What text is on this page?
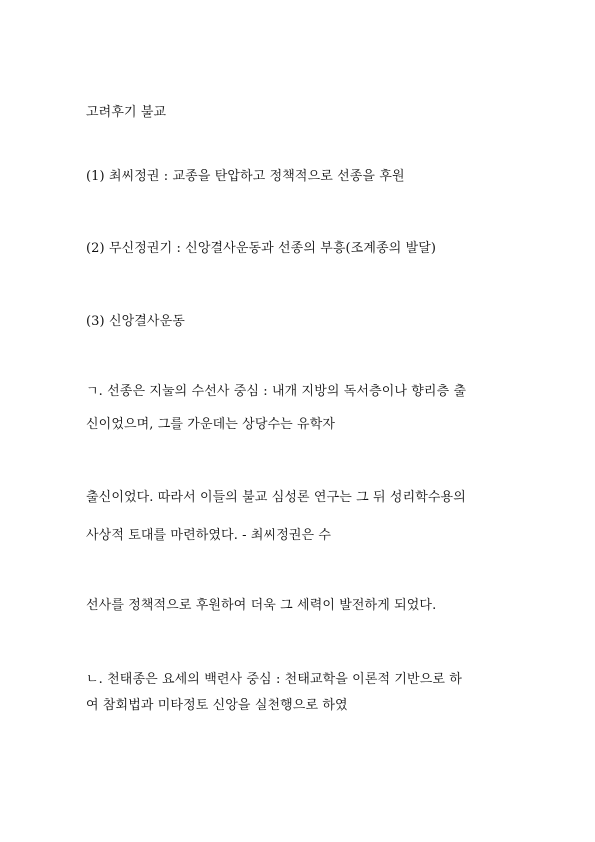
고려후기 불교
(1) 최씨정권 : 교종을 탄압하고 정책적으로 선종을 후원
(2) 무신정권기 : 신앙결사운동과 선종의 부흥(조계종의 발달)
(3) 신앙결사운동
ㄱ. 선종은 지눌의 수선사 중심 : 내개 지방의 독서층이나 향리층 출
신이었으며, 그를 가운데는 상당수는 유학자
출신이었다. 따라서 이들의 불교 심성론 연구는 그 뒤 성리학수용의
사상적 토대를 마련하였다. - 최씨정권은 수
선사를 정책적으로 후원하여 더욱 그 세력이 발전하게 되었다.
ㄴ. 천태종은 요세의 백련사 중심 : 천태교학을 이론적 기반으로 하
여 참회법과 미타정토 신앙을 실천행으로 하였
